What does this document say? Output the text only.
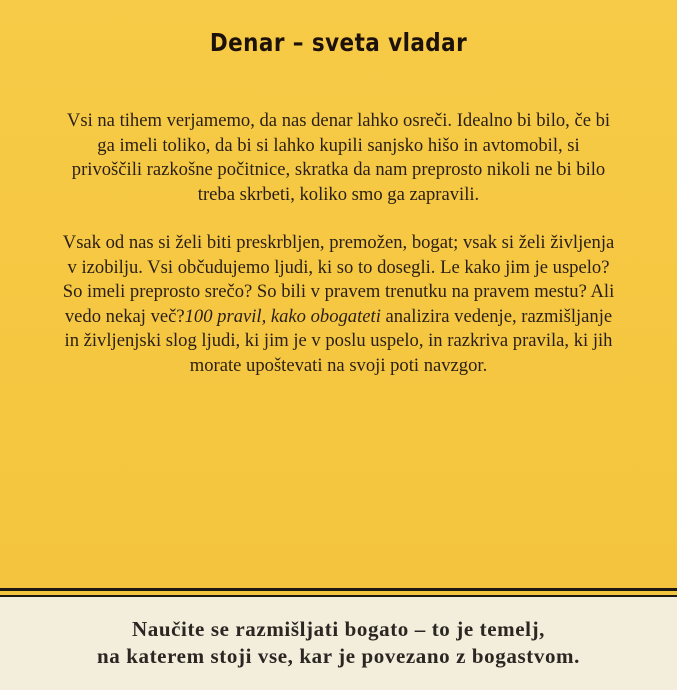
Denar – sveta vladar

Vsi na tihem verjamemo, da nas denar lahko osreči. Idealno bi bilo, če bi ga imeli toliko, da bi si lahko kupili sanjsko hišo in avtomobil, si privoščili razkošne počitnice, skratka da nam preprosto nikoli ne bi bilo treba skrbeti, koliko smo ga zapravili.

Vsak od nas si želi biti preskrbljen, premožen, bogat; vsak si želi življenja v izobilju. Vsi občudujemo ljudi, ki so to dosegli. Le kako jim je uspelo? So imeli preprosto srečo? So bili v pravem trenutku na pravem mestu? Ali vedo nekaj več?100 pravil, kako obogateti analizira vedenje, razmišljanje in življenjski slog ljudi, ki jim je v poslu uspelo, in razkriva pravila, ki jih morate upoštevati na svoji poti navzgor.

Naučite se razmišljati bogato – to je temelj,
na katerem stoji vse, kar je povezano z bogastvom.
